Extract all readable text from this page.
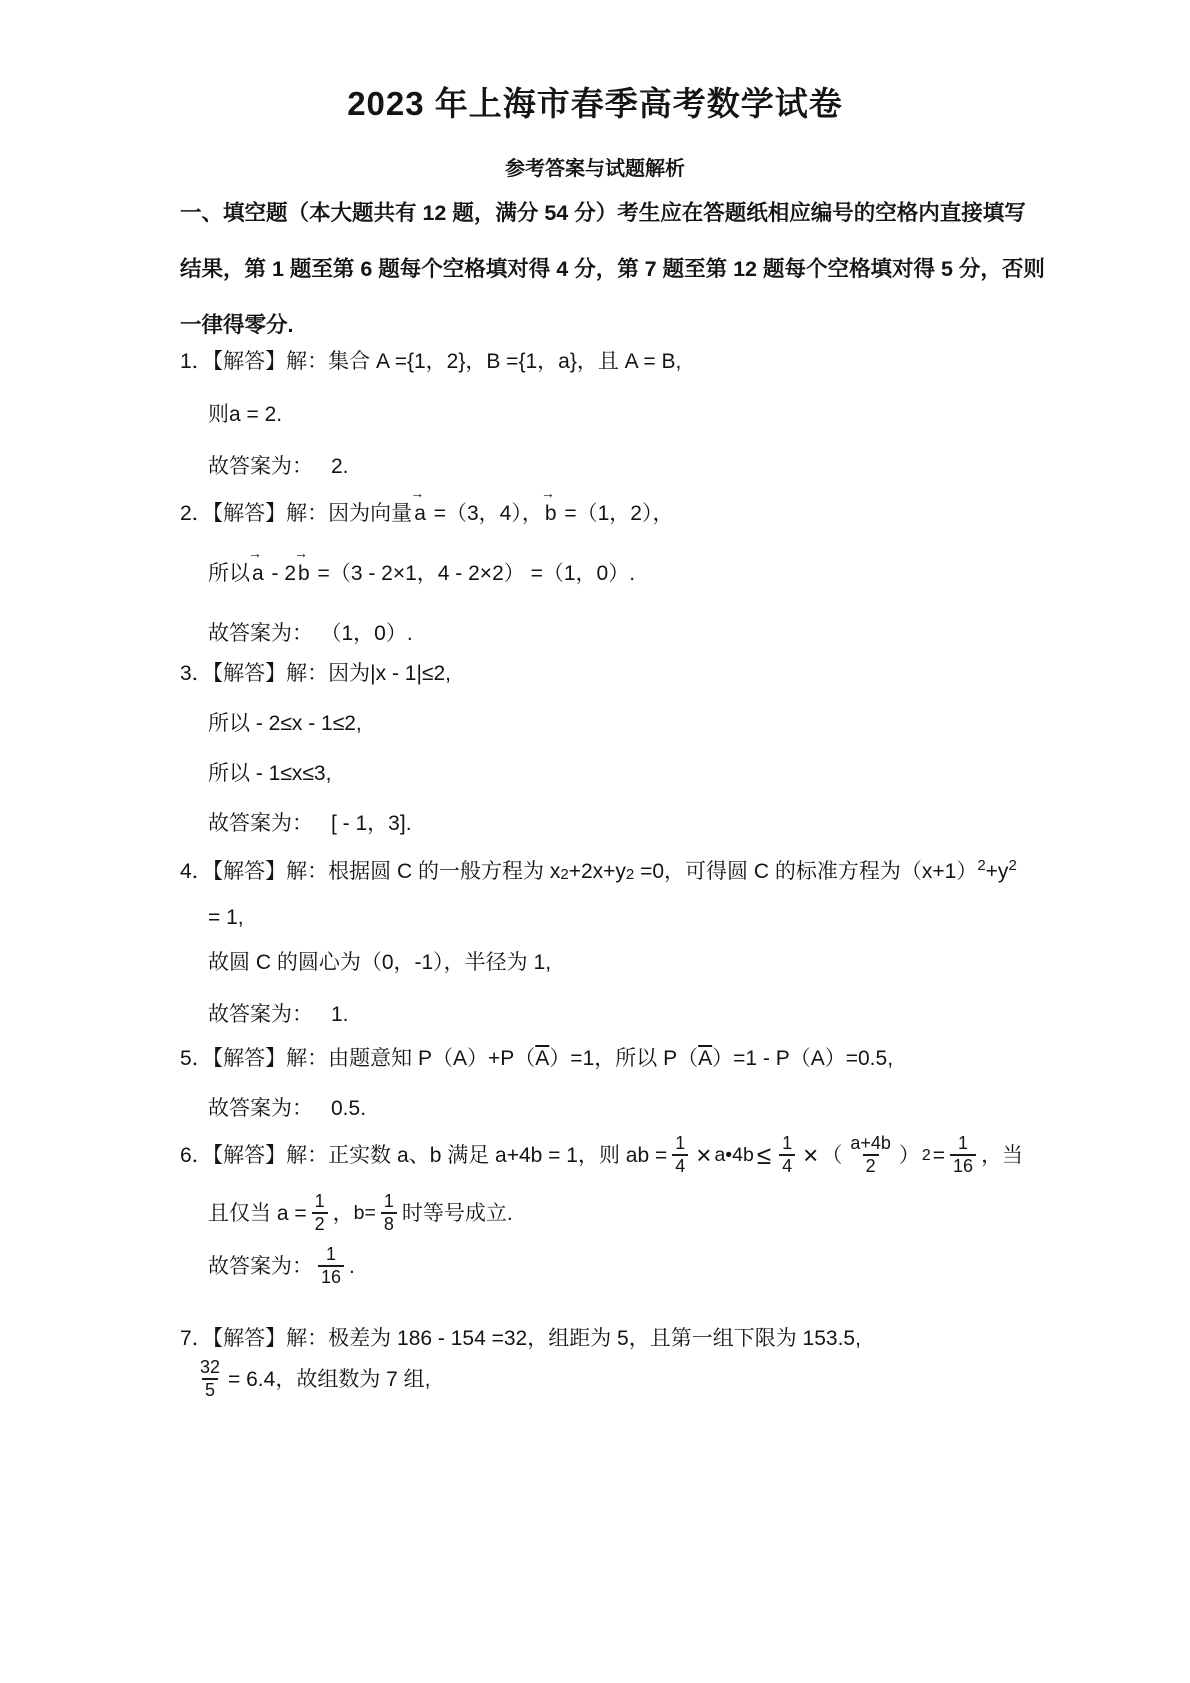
2023 年上海市春季高考数学试卷
参考答案与试题解析
一、填空题（本大题共有 12 题，满分 54 分）考生应在答题纸相应编号的空格内直接填写
结果，第 1 题至第 6 题每个空格填对得 4 分，第 7 题至第 12 题每个空格填对得 5 分，否则
一律得零分.
1．【解答】解：集合 A ={1，2}，B ={1，a}，且 A = B,
则a = 2.
故答案为： 2.
2．【解答】解：因为向量
→
a =（3，4），
→
b =（1，2），
所以
→
a - 2
→
b =（3 - 2×1，4 - 2×2） =（1，0）.
故答案为： （1，0）.
3．【解答】解：因为|x - 1|≤2,
所以 - 2≤x - 1≤2,
所以 - 1≤x≤3,
故答案为： [ - 1，3].
4．【解答】解：根据圆 C 的一般方程为 x2+2x+y2 =0，可得圆 C 的标准方程为$(x+1)^2+y^2$
= 1,
故圆 C 的圆心为（0，-1），半径为 1,
故答案为： 1.
5．【解答】解：由题意知 $P(A)+P(\overline{A})=1$，所以 $P(\overline{A})=1 - P(A)=0.5$,
故答案为： 0.5.
6．【解答】解：正实数 a、b 满足 a+4b = 1，则 ab = $\frac{1}{4}$ × a•4b ≤ $\frac{1}{4}$ × （ $\frac{a+4b}{2}$ ） $2 = \frac{1}{16}$ ，当
且仅当 $a = \frac{1}{2}$ ， $b= \frac{1}{8}$ 时等号成立.
故答案为： $\frac{1}{16}$ .
7．【解答】解：极差为 186 - 154 =32，组距为 5，且第一组下限为 153.5,
$\frac{32}{5} = 6.4$，故组数为 7 组,
